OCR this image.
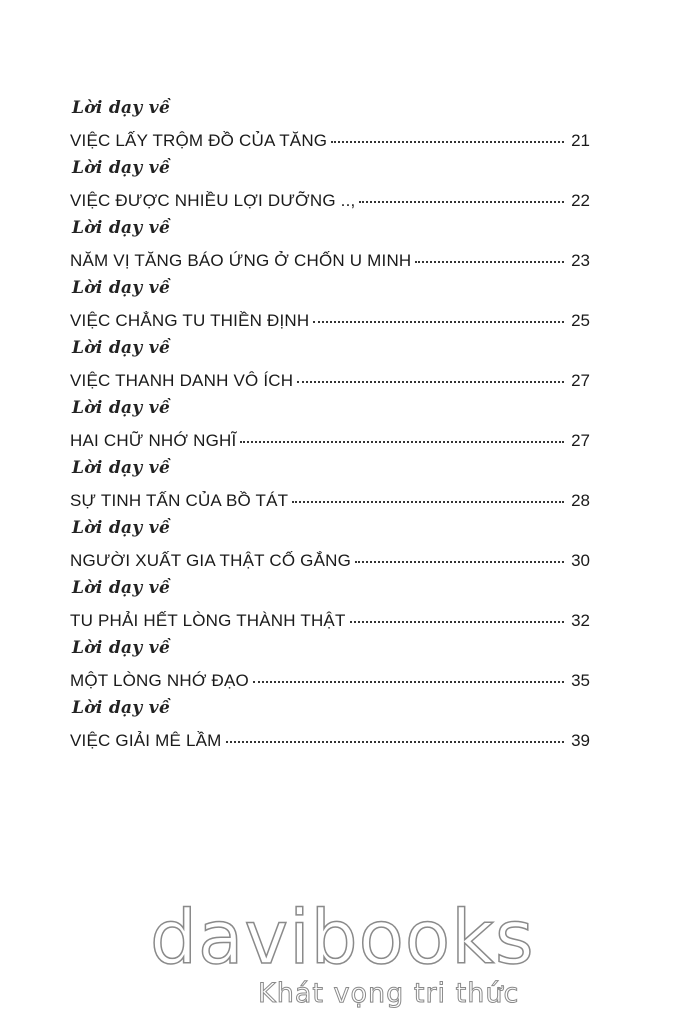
Lời dạy về
VIỆC LẤY TRỘM ĐỒ CỦA TĂNG	21
Lời dạy về
VIỆC ĐƯỢC NHIỀU LỢI DƯỠNG ..,	22
Lời dạy về
NĂM VỊ TĂNG BÁO ỨNG Ở CHỐN U MINH	23
Lời dạy về
VIỆC CHẲNG TU THIỀN ĐỊNH	25
Lời dạy về
VIỆC THANH DANH VÔ ÍCH	27
Lời dạy về
HAI CHỮ NHỚ NGHĨ	27
Lời dạy về
SỰ TINH TẤN CỦA BỒ TÁT	28
Lời dạy về
NGƯỜI XUẤT GIA THẬT CỐ GẮNG	30
Lời dạy về
TU PHẢI HẾT LÒNG THÀNH THẬT	32
Lời dạy về
MỘT LÒNG NHỚ ĐẠO	35
Lời dạy về
VIỆC GIẢI MÊ LẦM	39
davibooks
Khát vọng tri thức
